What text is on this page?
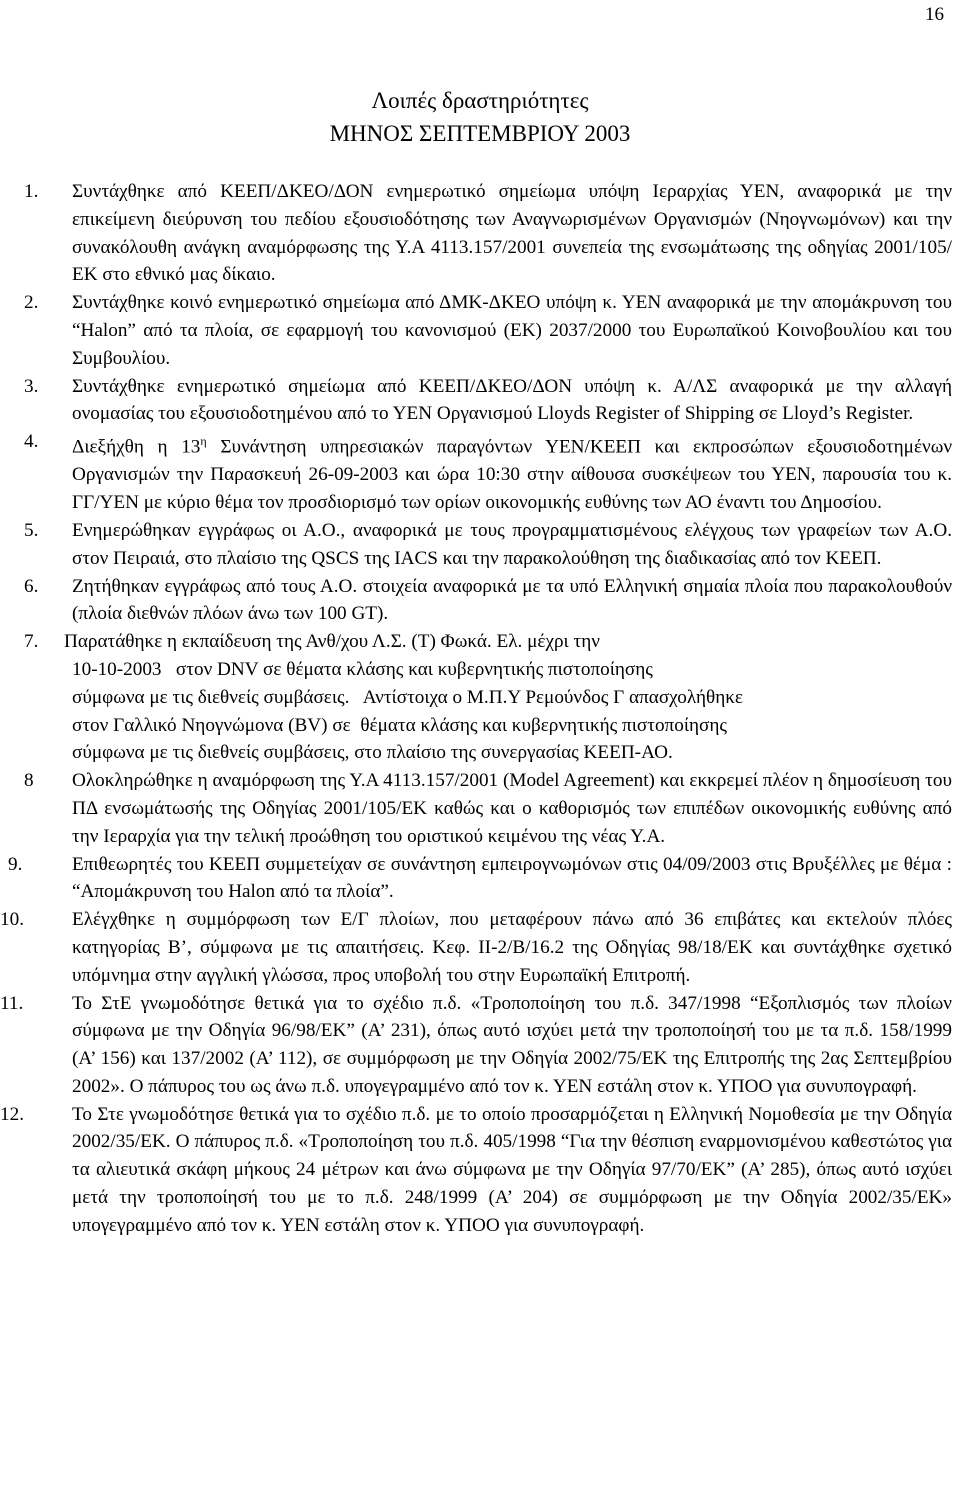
16
Λοιπές δραστηριότητες
ΜΗΝΟΣ ΣΕΠΤΕΜΒΡΙΟΥ 2003
1. Συντάχθηκε από ΚΕΕΠ/ΔΚΕΟ/ΔΟΝ ενημερωτικό σημείωμα υπόψη Ιεραρχίας ΥΕΝ, αναφορικά με την επικείμενη διεύρυνση του πεδίου εξουσιοδότησης των Αναγνωρισμένων Οργανισμών (Νηογνωμόνων) και την συνακόλουθη ανάγκη αναμόρφωσης της Υ.Α 4113.157/2001 συνεπεία της ενσωμάτωσης της οδηγίας 2001/105/ΕΚ στο εθνικό μας δίκαιο.
2. Συντάχθηκε κοινό ενημερωτικό σημείωμα από ΔΜΚ-ΔΚΕΟ υπόψη κ. ΥΕΝ αναφορικά με την απομάκρυνση του “Halon” από τα πλοία, σε εφαρμογή του κανονισμού (ΕΚ) 2037/2000 του Ευρωπαϊκού Κοινοβουλίου και του Συμβουλίου.
3. Συντάχθηκε ενημερωτικό σημείωμα από ΚΕΕΠ/ΔΚΕΟ/ΔΟΝ υπόψη κ. Α/ΛΣ αναφορικά με την αλλαγή ονομασίας του εξουσιοδοτημένου από το ΥΕΝ Οργανισμού Lloyds Register of Shipping σε Lloyd’s Register.
4. Διεξήχθη η $13^\eta$ Συνάντηση υπηρεσιακών παραγόντων ΥΕΝ/ΚΕΕΠ και εκπροσώπων εξουσιοδοτημένων Οργανισμών την Παρασκευή 26-09-2003 και ώρα 10:30 στην αίθουσα συσκέψεων του ΥΕΝ, παρουσία του κ. ΓΓ/ΥΕΝ με κύριο θέμα τον προσδιορισμό των ορίων οικονομικής ευθύνης των ΑΟ έναντι του Δημοσίου.
5. Ενημερώθηκαν εγγράφως οι Α.Ο., αναφορικά με τους προγραμματισμένους ελέγχους των γραφείων των Α.Ο. στον Πειραιά, στο πλαίσιο της QSCS της IACS και την παρακολούθηση της διαδικασίας από τον ΚΕΕΠ.
6. Ζητήθηκαν εγγράφως από τους Α.Ο. στοιχεία αναφορικά με τα υπό Ελληνική σημαία πλοία που παρακολουθούν (πλοία διεθνών πλόων άνω των 100 GT).
7. Παρατάθηκε η εκπαίδευση της Ανθ/χου Λ.Σ. (Τ) Φωκά. Ελ. μέχρι την
10-10-2003   στον DNV σε θέματα κλάσης και κυβερνητικής πιστοποίησης
σύμφωνα με τις διεθνείς συμβάσεις.   Αντίστοιχα ο Μ.Π.Υ Ρεμούνδος Γ απασχολήθηκε
στον Γαλλικό Νηογνώμονα (BV) σε  θέματα κλάσης και κυβερνητικής πιστοποίησης
σύμφωνα με τις διεθνείς συμβάσεις, στο πλαίσιο της συνεργασίας ΚΕΕΠ-ΑΟ.
8 Ολοκληρώθηκε η αναμόρφωση της Υ.Α 4113.157/2001 (Model Agreement) και εκκρεμεί πλέον η δημοσίευση του ΠΔ ενσωμάτωσής της Οδηγίας 2001/105/ΕΚ καθώς και ο καθορισμός των επιπέδων οικονομικής ευθύνης από την Ιεραρχία για την τελική προώθηση του οριστικού κειμένου της νέας Υ.Α.
9.	Επιθεωρητές του ΚΕΕΠ συμμετείχαν σε συνάντηση εμπειρογνωμόνων στις 04/09/2003 στις Βρυξέλλες με θέμα : “Απομάκρυνση του Halon από τα πλοία”.
10.	Ελέγχθηκε η συμμόρφωση των Ε/Γ πλοίων, που μεταφέρουν πάνω από 36 επιβάτες και εκτελούν πλόες κατηγορίας Β’, σύμφωνα με τις απαιτήσεις. Κεφ. ΙΙ-2/Β/16.2 της Οδηγίας 98/18/ΕΚ και συντάχθηκε σχετικό υπόμνημα στην αγγλική γλώσσα, προς υποβολή του στην Ευρωπαϊκή Επιτροπή.
11.	Το ΣτΕ γνωμοδότησε θετικά για το σχέδιο π.δ. «Τροποποίηση του π.δ. 347/1998 “Εξοπλισμός των πλοίων σύμφωνα με την Οδηγία 96/98/ΕΚ” (Α’ 231), όπως αυτό ισχύει μετά την τροποποίησή του με τα π.δ. 158/1999 (Α’ 156) και 137/2002 (Α’ 112), σε συμμόρφωση με την Οδηγία 2002/75/ΕΚ της Επιτροπής της 2ας Σεπτεμβρίου 2002». Ο πάπυρος του ως άνω π.δ. υπογεγραμμένο από τον κ. ΥΕΝ εστάλη στον κ. ΥΠΟΟ για συνυπογραφή.
12.	Το Στε γνωμοδότησε θετικά για το σχέδιο π.δ. με το οποίο προσαρμόζεται η Ελληνική Νομοθεσία με την Οδηγία 2002/35/ΕΚ. Ο πάπυρος π.δ. «Τροποποίηση του π.δ. 405/1998 “Για την θέσπιση εναρμονισμένου καθεστώτος για τα αλιευτικά σκάφη μήκους 24 μέτρων και άνω σύμφωνα με την Οδηγία 97/70/ΕΚ” (Α’ 285), όπως αυτό ισχύει μετά την τροποποίησή του με το π.δ. 248/1999 (Α’ 204) σε συμμόρφωση με την Οδηγία 2002/35/ΕΚ» υπογεγραμμένο από τον κ. ΥΕΝ εστάλη στον κ. ΥΠΟΟ για συνυπογραφή.
